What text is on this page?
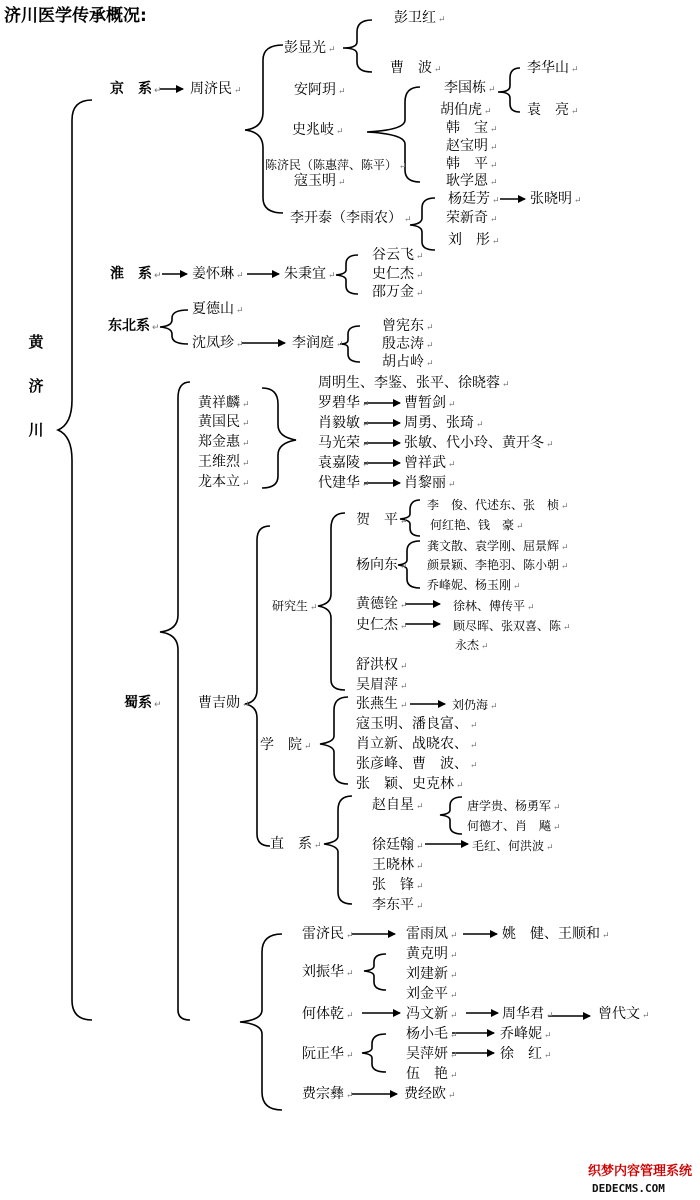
济川医学传承概况:
黄济川
京　系 ↵ 周济民 ↵
彭显光 ↵
彭卫红 ↵
曹　波 ↵
安阿玥 ↵
史兆岐 ↵
李国栋 ↵
李华山 ↵
袁　亮 ↵
胡伯虎 ↵
韩　宝 ↵
赵宝明 ↵
韩　平 ↵
耿学恩 ↵
陈济民（陈惠萍、陈平） ↵
寇玉明 ↵
李开泰（李雨农） ↵
杨廷芳 ↵ 张晓明 ↵
荣新奇 ↵
刘　彤 ↵
淮　系 ↵ 姜怀琳 ↵	朱秉宜 ↵
谷云飞 ↵
史仁杰 ↵
邵万金 ↵
东北系 ↵
夏德山 ↵
沈凤珍 ↵	李润庭 ↵
曾宪东 ↵
殷志涛 ↵
胡占岭 ↵
蜀系 ↵
黄祥麟 ↵
黄国民 ↵
郑金惠 ↵
王维烈 ↵
龙本立 ↵
周明生、李鉴、张平、徐晓蓉 ↵
罗碧华 ↵ 曹暂剑 ↵
肖毅敏 ↵ 周勇、张琦 ↵
马光荣 ↵ 张敏、代小玲、黄开冬 ↵
袁嘉陵 ↵ 曾祥武 ↵
代建华 ↵ 肖黎丽 ↵
曹吉勋 ↵
研究生 ↵
贺　平 ↵
李　俊、代述东、张　桢 ↵
何红艳、钱　豪 ↵
杨向东 ↵
龚文散、袁学刚、屈景辉 ↵
颜景颖、李艳羽、陈小朝 ↵
乔峰妮、杨玉刚 ↵
黄德铨 ↵	徐林、傅传平 ↵
史仁杰 ↵	顾尽晖、张双喜、陈 ↵
永杰 ↵
舒洪权 ↵
吴眉萍 ↵
学　院 ↵
张燕生 ↵	刘仍海 ↵
寇玉明、潘良富、 ↵
肖立新、战晓农、 ↵
张彦峰、曹　波、 ↵
张　颖、史克林 ↵
直　系 ↵
赵自星 ↵	唐学贵、杨勇军 ↵
何德才、肖　飚 ↵
徐廷翰 ↵	毛红、何洪波 ↵
王晓林 ↵
张　锋 ↵
李东平 ↵
雷济民 ↵	雷雨凤 ↵	姚　健、王顺和 ↵
刘振华 ↵
黄克明 ↵
刘建新 ↵
刘金平 ↵
何体乾 ↵	冯文新 ↵	周华君 ↵	曾代文 ↵
阮正华 ↵
杨小毛 ↵
吴萍妍 ↵
伍　艳 ↵
乔峰妮 ↵
徐　红 ↵
费宗彝 ↵	费经欧 ↵
织梦内容管理系统
DEDECMS.COM
